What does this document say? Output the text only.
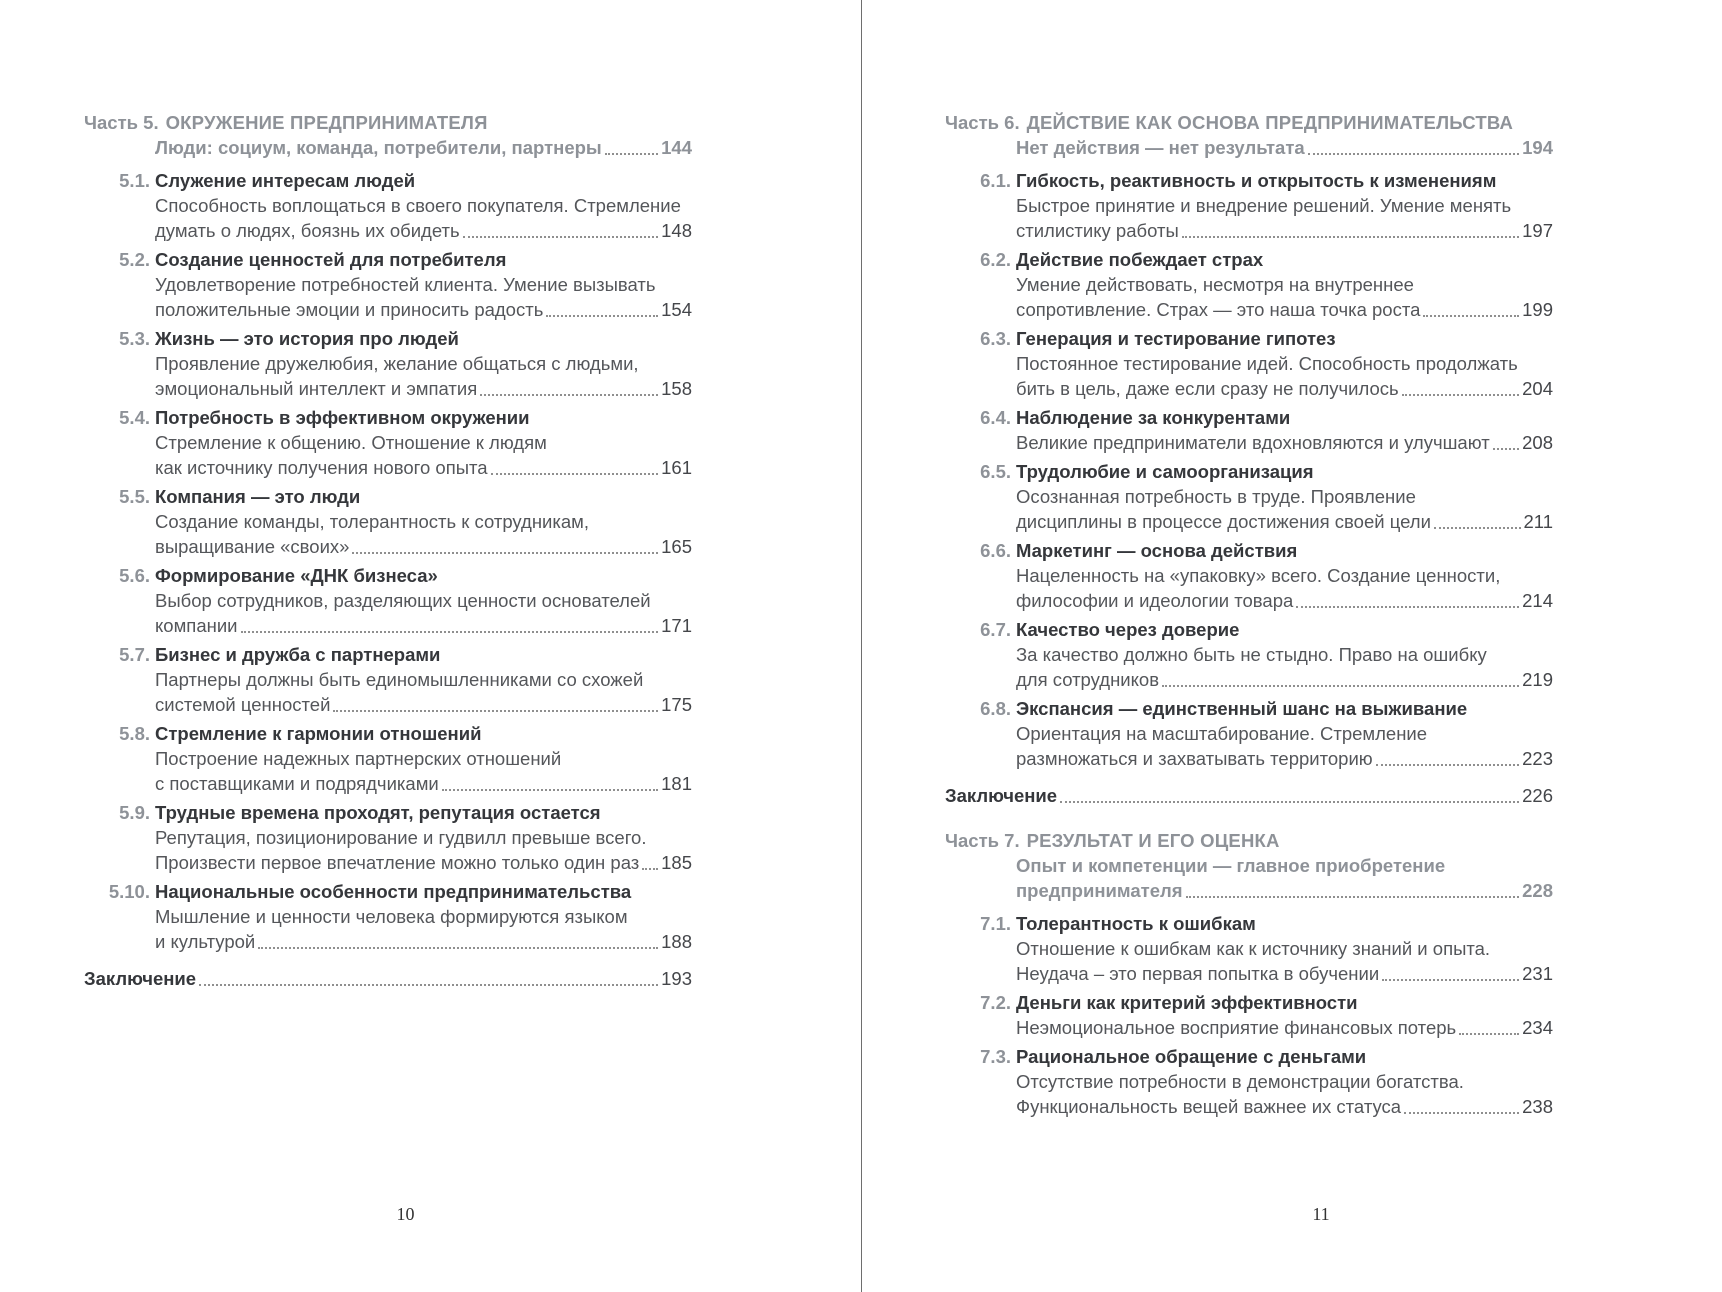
Часть 5. ОКРУЖЕНИЕ ПРЕДПРИНИМАТЕЛЯ
Люди: социум, команда, потребители, партнеры	144
5.1. Служение интересам людей
Способность воплощаться в своего покупателя. Стремление
думать о людях, боязнь их обидеть	148
5.2. Создание ценностей для потребителя
Удовлетворение потребностей клиента. Умение вызывать
положительные эмоции и приносить радость	154
5.3. Жизнь — это история про людей
Проявление дружелюбия, желание общаться с людьми,
эмоциональный интеллект и эмпатия	158
5.4. Потребность в эффективном окружении
Стремление к общению. Отношение к людям
как источнику получения нового опыта	161
5.5. Компания — это люди
Создание команды, толерантность к сотрудникам,
выращивание «своих»	165
5.6. Формирование «ДНК бизнеса»
Выбор сотрудников, разделяющих ценности основателей
компании	171
5.7. Бизнес и дружба с партнерами
Партнеры должны быть единомышленниками со схожей
системой ценностей	175
5.8. Стремление к гармонии отношений
Построение надежных партнерских отношений
с поставщиками и подрядчиками	181
5.9. Трудные времена проходят, репутация остается
Репутация, позиционирование и гудвилл превыше всего.
Произвести первое впечатление можно только один раз 185
5.10. Национальные особенности предпринимательства
Мышление и ценности человека формируются языком
и культурой	188
Заключение	193
Часть 6. ДЕЙСТВИЕ КАК ОСНОВА ПРЕДПРИНИМАТЕЛЬСТВА
Нет действия — нет результата	194
6.1. Гибкость, реактивность и открытость к изменениям
Быстрое принятие и внедрение решений. Умение менять
стилистику работы	197
6.2. Действие побеждает страх
Умение действовать, несмотря на внутреннее
сопротивление. Страх — это наша точка роста	199
6.3. Генерация и тестирование гипотез
Постоянное тестирование идей. Способность продолжать
бить в цель, даже если сразу не получилось	204
6.4. Наблюдение за конкурентами
Великие предприниматели вдохновляются и улучшают 208
6.5. Трудолюбие и самоорганизация
Осознанная потребность в труде. Проявление
дисциплины в процессе достижения своей цели	211
6.6. Маркетинг — основа действия
Нацеленность на «упаковку» всего. Создание ценности,
философии и идеологии товара	214
6.7. Качество через доверие
За качество должно быть не стыдно. Право на ошибку
для сотрудников	219
6.8. Экспансия — единственный шанс на выживание
Ориентация на масштабирование. Стремление
размножаться и захватывать территорию	223
Заключение	226
Часть 7. РЕЗУЛЬТАТ И ЕГО ОЦЕНКА
Опыт и компетенции — главное приобретение
предпринимателя	228
7.1. Толерантность к ошибкам
Отношение к ошибкам как к источнику знаний и опыта.
Неудача – это первая попытка в обучении	231
7.2. Деньги как критерий эффективности
Неэмоциональное восприятие финансовых потерь	234
7.3. Рациональное обращение с деньгами
Отсутствие потребности в демонстрации богатства.
Функциональность вещей важнее их статуса	238
10	11
